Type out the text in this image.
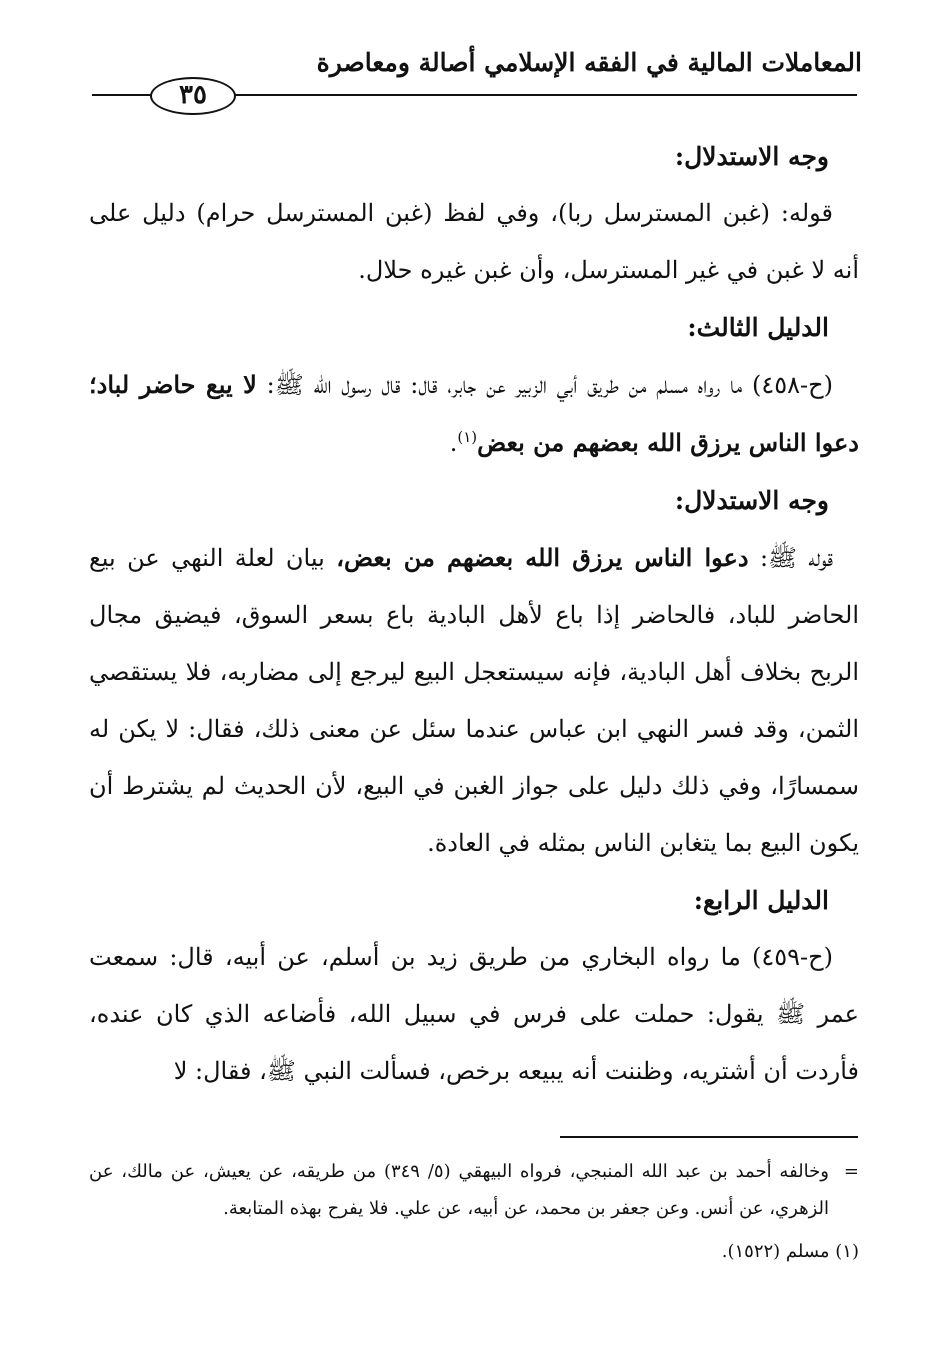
المعاملات المالية في الفقه الإسلامي أصالة ومعاصرة
٣٥
وجه الاستدلال:

قوله: (غبن المسترسل ربا)، وفي لفظ (غبن المسترسل حرام) دليل على أنه لا غبن في غير المسترسل، وأن غبن غيره حلال.

الدليل الثالث:

(ح-٤٥٨) ما رواه مسلم من طريق أبي الزبير عن جابر، قال: قال رسول الله ﷺ: لا يبع حاضر لباد؛ دعوا الناس يرزق الله بعضهم من بعض$^{(١)}$.

وجه الاستدلال:

قوله ﷺ: دعوا الناس يرزق الله بعضهم من بعض، بيان لعلة النهي عن بيع الحاضر للباد، فالحاضر إذا باع لأهل البادية باع بسعر السوق، فيضيق مجال الربح بخلاف أهل البادية، فإنه سيستعجل البيع ليرجع إلى مضاربه، فلا يستقصي الثمن، وقد فسر النهي ابن عباس عندما سئل عن معنى ذلك، فقال: لا يكن له سمسارًا، وفي ذلك دليل على جواز الغبن في البيع، لأن الحديث لم يشترط أن يكون البيع بما يتغابن الناس بمثله في العادة.

الدليل الرابع:

(ح-٤٥٩) ما رواه البخاري من طريق زيد بن أسلم، عن أبيه، قال: سمعت عمر ﷺ يقول: حملت على فرس في سبيل الله، فأضاعه الذي كان عنده، فأردت أن أشتريه، وظننت أنه يبيعه برخص، فسألت النبي ﷺ، فقال: لا

=
وخالفه أحمد بن عبد الله المنبجي، فرواه البيهقي (٥/ ٣٤٩) من طريقه، عن يعيش، عن مالك، عن الزهري، عن أنس. وعن جعفر بن محمد، عن أبيه، عن علي. فلا يفرح بهذه المتابعة.

(١) مسلم (١٥٢٢).
